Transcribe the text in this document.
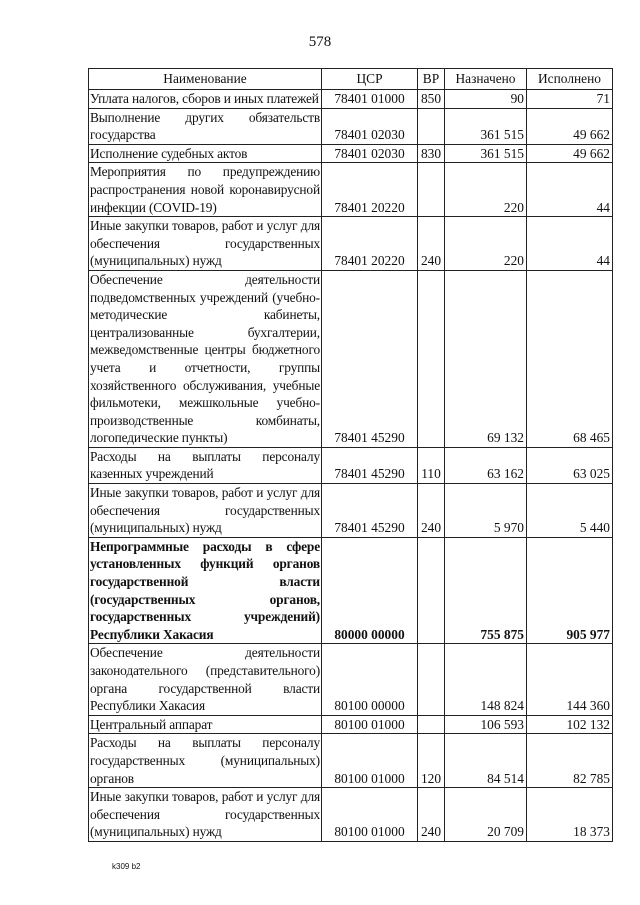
578
Наименование	ЦСР	ВР	Назначено	Исполнено
Уплата налогов, сборов и иных платежей	78401 01000	850	90	71
Выполнение других обязательств государства	78401 02030		361 515	49 662
Исполнение судебных актов	78401 02030	830	361 515	49 662
Мероприятия по предупреждению распространения новой коронавирусной инфекции (COVID-19)	78401 20220		220	44
Иные закупки товаров, работ и услуг для обеспечения государственных (муниципальных) нужд	78401 20220	240	220	44
Обеспечение деятельности подведомственных учреждений (учебно-методические кабинеты, централизованные бухгалтерии, межведомственные центры бюджетного учета и отчетности, группы хозяйственного обслуживания, учебные фильмотеки, межшкольные учебно-производственные комбинаты, логопедические пункты)	78401 45290		69 132	68 465
Расходы на выплаты персоналу казенных учреждений	78401 45290	110	63 162	63 025
Иные закупки товаров, работ и услуг для обеспечения государственных (муниципальных) нужд	78401 45290	240	5 970	5 440
Непрограммные расходы в сфере установленных функций органов государственной власти (государственных органов, государственных учреждений) Республики Хакасия	80000 00000		755 875	905 977
Обеспечение деятельности законодательного (представительного) органа государственной власти Республики Хакасия	80100 00000		148 824	144 360
Центральный аппарат	80100 01000		106 593	102 132
Расходы на выплаты персоналу государственных (муниципальных) органов	80100 01000	120	84 514	82 785
Иные закупки товаров, работ и услуг для обеспечения государственных (муниципальных) нужд	80100 01000	240	20 709	18 373
k309 b2
